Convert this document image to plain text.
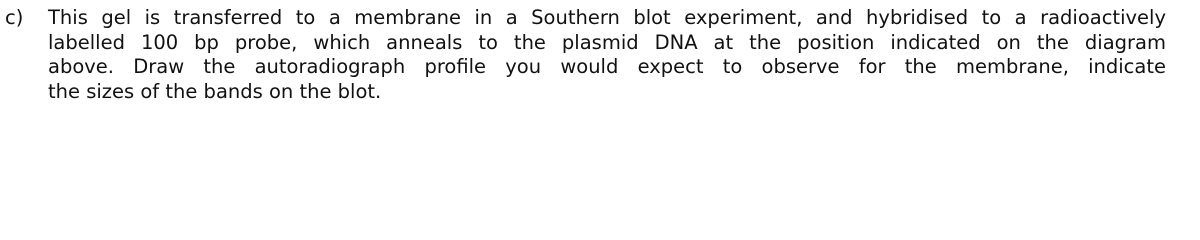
c)	This gel is transferred to a membrane in a Southern blot experiment, and hybridised to a radioactively
labelled 100 bp probe, which anneals to the plasmid DNA at the position indicated on the diagram
above. Draw the autoradiograph profile you would expect to observe for the membrane, indicate
the sizes of the bands on the blot.
